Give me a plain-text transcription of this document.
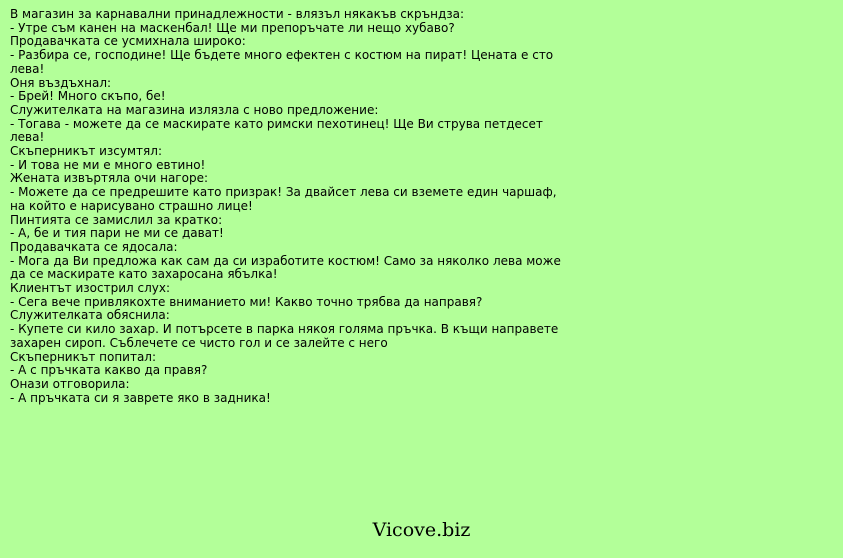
В магазин за карнавални принадлежности - влязъл някакъв скръндза:
- Утре съм канен на маскенбал! Ще ми препоръчате ли нещо хубаво?
Продавачката се усмихнала широко:
- Разбира се, господине! Ще бъдете много ефектен с костюм на пират! Цената е сто
лева!
Оня въздъхнал:
- Брей! Много скъпо, бе!
Служителката на магазина излязла с ново предложение:
- Тогава - можете да се маскирате като римски пехотинец! Ще Ви струва петдесет
лева!
Скъперникът изсумтял:
- И това не ми е много евтино!
Жената извъртяла очи нагоре:
- Можете да се предрешите като призрак! За двайсет лева си вземете един чаршаф,
на който е нарисувано страшно лице!
Пинтията се замислил за кратко:
- А, бе и тия пари не ми се дават!
Продавачката се ядосала:
- Мога да Ви предложа как сам да си изработите костюм! Само за няколко лева може
да се маскирате като захаросана ябълка!
Клиентът изострил слух:
- Сега вече привлякохте вниманието ми! Какво точно трябва да направя?
Служителката обяснила:
- Купете си кило захар. И потърсете в парка някоя голяма пръчка. В къщи направете
захарен сироп. Съблечете се чисто гол и се залейте с него
Скъперникът попитал:
- А с пръчката какво да правя?
Онази отговорила:
- А пръчката си я заврете яко в задника!
Vicove.biz
